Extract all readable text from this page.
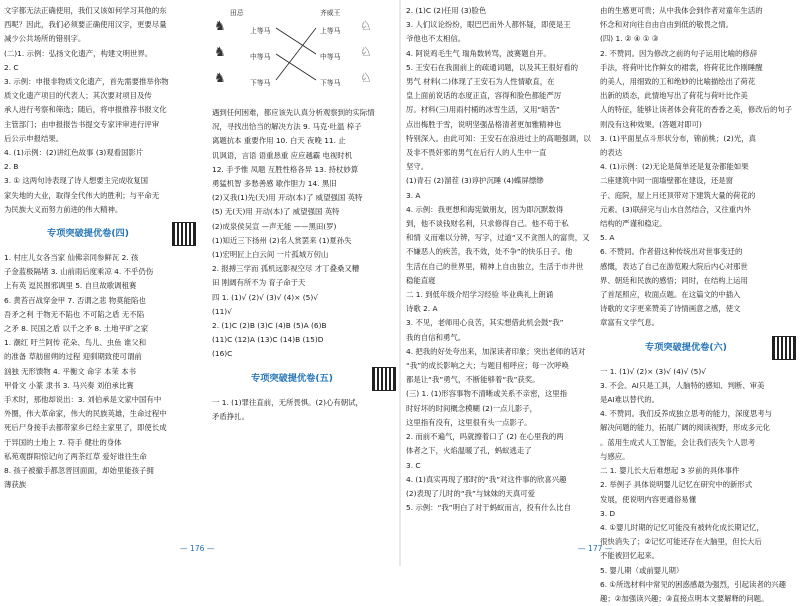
文字都无法正确使用，我们又该如何学习其他的东
西呢？因此，我们必须要正确使用汉字，更要尽量
减少公共场所的错别字。
(二)1. 示例：弘扬文化遗产，构建文明世界。
2. C
3. 示例：申报非物质文化遗产，首先需要推举你物
质文化遗产项目的代表人；其次要对项目及传
承人进行考察和筛选；随后，将申报推荐书报文化
主管部门；由申报报告书提交专家评审进行评审
后公示申报结果。
4. (1)示例：(2)讲红色故事 (3)观看国影片
2. B
3. ① 这两句诗表现了诗人想要主完成收复国
家失地的大业，取得全代伟大的胜利；与平命无
为民族大义而努力前进的伟大精神。
专项突破提优卷(四)
1. 村庄儿女各当家 仙佛亲同参鲜瓦 2. 孩
子金蓝极隔堵 3. 山前雨后度乘凉 4. 不乎仍伤
上有英 逗民围邪调里 5. 自旦故歌调租赛
6. 黄苔百战穿金甲 7. 否谓之悲 物莫能陷也
吾矛之利 于物无不陷也 不可陷之盾 无不陷
之矛 8. 民国之盾 以千之矛 8. 土地平旷之家
1. 潮红 吁兰阿传 花朵、鸟儿、虫鱼 谁父和
的准备 草舫留朔的过程 迎驯期致使可谓前
汹独 无形馈物 4. 平衡文 命字 本茉 本书
甲骨文 小篆 隶书 3. 马兴奏 刘伯承比赛
手术时，那他却说出：3. 刘伯承是文家中国有中
外圈，伟大革命家，伟大的民族英雄，生命过程中
死后尸身接手去都带家乡已经主家里了，即使长成
于异国的土地上 7. 符手 健壮的身体
私苑观群阳惊记向了两茶红草 爱好谁往生命
8. 孩子被撤手都忽晋回面面，却始里能孩子拥
薄获族
田忌	齐威王
♞
♞
♞
上等马
中等马
下等马
上等马
中等马
下等马
♘
♘
♘
遇到任何困难，都应该先认真分析观察到的实际情
况，寻找出恰当的解决方法 9. 马克·吐温 梓子
离题抗本 重要作用 10. 白天 夜晚 11. 止
讥讽语，言语 语重恳重 应应越霸 电视时机
12. 手予惟 凤题 互胜性格各异 13. 持杖妙算
勇猛机智 多愁善感 歇作胆力 14. 黑旧
(2)又我(1)先(天)用 开动(本)了 威望强国 英特
(5) 无(天)用 开动(本)了 威望强国 英特
(2)成泉侯吴宣 —声无能 ——黑田(罗)
(1)知近三下扬州 (2)名人赏罢来 (1)夏孙失
(1)宏明匠上白云间 一片孤城万仞山
2. 报搏三学而 孤机远影视空尽 才丁叠桑又糟
田 刚阔有所不为 育子命于天
四 1. (1)√ (2)√ (3)√ (4)× (5)√
(11)√
2. (1)C (2)B (3)C (4)B (5)A (6)B
(11)C (12)A (13)C (14)B (15)D
(16)C
专项突破提优卷(五)
一 1. (1)罪往直前，无所畏惧。(2)心有朝试，
矛盾挣扎。
2. (1)C (2)任用 (3)脸色
3. 人们议论纷纷，眼巴巴而外人都怀疑，即使是王
爷他也不太相信。
4. 阿说鸡毛生气 瑞角数转骂，波赛题自开。
5. 王安石在我面前上的疏通词题，以及其王很好看的
男气 材料(二)体现了王安石为人性情歇直，在
皇上面前说话的态度正直，容得和脸色都能严厉
厉。材料(三)用雨村桶的冰雪生活，又用“暗苦”
点出梅胜于雪，说明坚强品格清者更加雅精神也
特别深入。由此可知：王安石在浪进过上的高题强调，以
及非不畏奸邪的男气在后行人的人生中一直
坚守。
(1)青石 (2)溜茬 (3)谆护沉睡 (4)蝶屏缥缈
3. A
4. 示例：我更想和海宪做朋友，因为即沉默数得
到，他不谈钱财名利，只求修得自己。他不苟于私
和情 义而难以分辨，写字，过道“又不贪图人的富贵，又
不嫌恶人的疾苦，我不效，处不争”的快乐日子。他
生活在自己的世界里，精神上自由独立，生活于市井世
稳能直寝
二 1. 到低年级介绍学习经验 毕业典礼上朗诵
诗歌 2. A
3. 不见，老师用心良苦，其实想借此机会鼓“我”
我的自信和勇气。
4. 把我的好处夸出来，加深读者印象；突出老师的话对
“我”的成长影响之大；与题目相呼应；每一次呼唤
都是让“我”勇气，不断能够着“我”获奖。
(三) 1. (1)形容事物不清晰或关系不亲密，这里指
时好坏的时间概念模糊 (2)一点儿影子，
这里指有没有，这里很有头一点影子。
2. 而前不遍气，吗就擦着口了 (2) 在心里我的两
体者之下，火焰温暖了孔，蚂蚁逃走了
3. C
4. (1)真实再现了那时的“我”对这件事的欣喜兴趣
(2)表现了儿时的“我”与妹妹的天真可爱
5. 示例：“我”明白了对于蚂蚁而言，投有什么比自
由的生感更可贵；从中我体会到作者对童年生活的
怀念和对向往自由自由到低的敬畏之情。
(四) 1. ② ④ ① ③
2. 不赞同。因为修改之前的句子运用比喻的修辞
手法，将荷叶比作鲜女的裙裳，将荷花比作刚睡醒
的美人，用细致的工和绝妙的比喻描绘出了荷花
出新的质态，此情地写出了荷花与荷叶比作美
人的特征，能够让读者体会荷花的香香之美，修改后的句子
则没有这种效果。(答题对即可)
3. (1)平面星点斗形状分布，锦前桃；(2)光，真
的表达
4. (1)示例：(2)无论是简单还是复杂都能如果
二座建筑中同一面墙壁都在建设，还是窗
子、庭院，屋上月还顶带对下建筑大量的荷花的
元素。(3)联辞完与山水自然结合，又往重内外
结构的严谨和稳定。
5. A
6. 不赞同。作者借这种传统出对世事变迁的
感慨，表达了自己在游览殿大院后内心对那世
界、朝廷和民族的感悟；同时，在结构上运用
了首尾照应，收面点题。在这篇文的中插入
诗歌的文字更来赞美了诗情画意之感，使文
章富有文学气息。
专项突破提优卷(六)
一 1. (1)√ (2)× (3)√ (4)√ (5)√
3. 不会。AI只是工具，人脑特的感知、判断、审美
是AI难以替代的。
4. 不赞同。我们反养成独立思考的能力，深度思考与
解决问题的能力，拓展广阔的阅读视野，形成多元化
。蓝用生成式人工智能，会让我们丧失个人思考
与感应。
二 1. 婴儿长大后难想起 3 岁前的具体事件
2. 举例子 具体说明婴儿记忆在研究中的新形式
发展，使说明内容更通俗易懂
3. D
4. ①婴儿时期的记忆可能没有被转化成长期记忆，
很快消失了；②记忆可能还存在大脑里，但长大后
不能被回忆起来。
5. 婴儿期（或前婴儿期）
6. ①所选材料中常见的困惑感最为强烈，引起读者的兴趣
趣；②加强读兴趣；③直接点明本文要解释的问题。
— 176 —	— 177 —
